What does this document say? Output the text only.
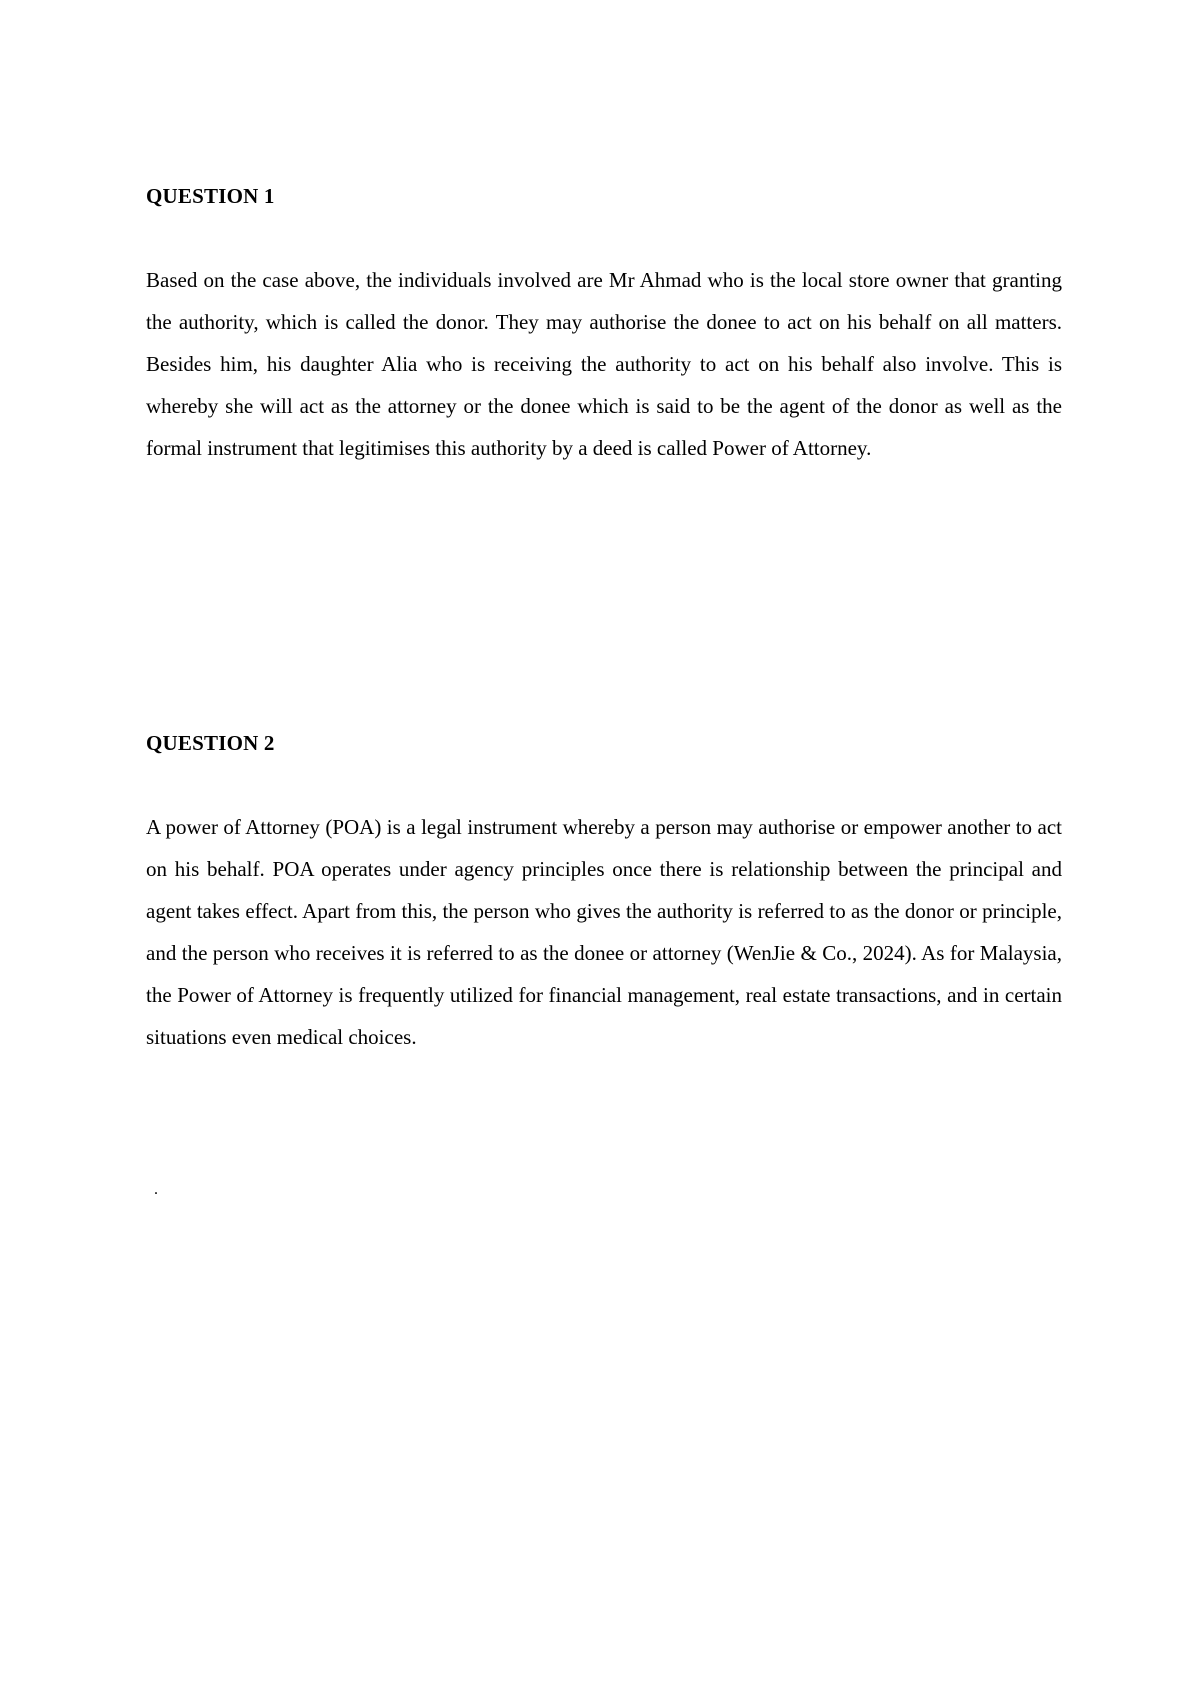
QUESTION 1

Based on the case above, the individuals involved are Mr Ahmad who is the local store owner that granting the authority, which is called the donor. They may authorise the donee to act on his behalf on all matters. Besides him, his daughter Alia who is receiving the authority to act on his behalf also involve. This is whereby she will act as the attorney or the donee which is said to be the agent of the donor as well as the formal instrument that legitimises this authority by a deed is called Power of Attorney.

QUESTION 2

A power of Attorney (POA) is a legal instrument whereby a person may authorise or empower another to act on his behalf. POA operates under agency principles once there is relationship between the principal and agent takes effect. Apart from this, the person who gives the authority is referred to as the donor or principle, and the person who receives it is referred to as the donee or attorney (WenJie & Co., 2024). As for Malaysia, the Power of Attorney is frequently utilized for financial management, real estate transactions, and in certain situations even medical choices.

.
